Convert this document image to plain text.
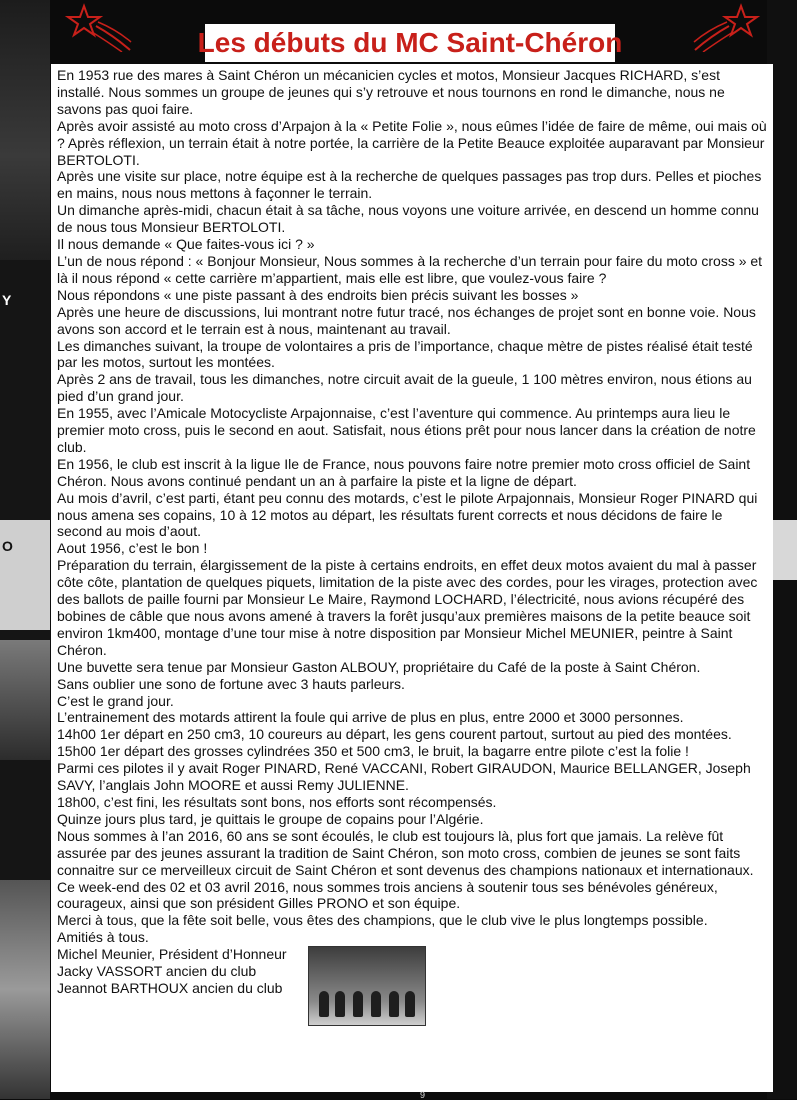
Y
O
Les débuts du MC Saint-Chéron

En 1953 rue des mares à Saint Chéron un mécanicien cycles et motos, Monsieur Jacques RICHARD, s’est installé. Nous sommes un groupe de jeunes qui s’y retrouve et nous tournons en rond le dimanche, nous ne savons pas quoi faire.

Après avoir assisté au moto cross d’Arpajon à la « Petite Folie », nous eûmes l’idée de faire de même, oui mais où ? Après réflexion, un terrain était à notre portée, la carrière de la Petite Beauce exploitée auparavant par Monsieur BERTOLOTI.

Après une visite sur place, notre équipe est à la recherche de quelques passages pas trop durs. Pelles et pioches en mains, nous nous mettons à façonner le terrain.

Un dimanche après-midi, chacun était à sa tâche, nous voyons une voiture arrivée, en descend un homme connu de nous tous Monsieur BERTOLOTI.

Il nous demande « Que faites-vous ici ? »

L’un de nous répond : « Bonjour Monsieur, Nous sommes à la recherche d’un terrain pour faire du moto cross » et là il nous répond « cette carrière m’appartient, mais elle est libre, que voulez-vous faire ?

Nous répondons « une piste passant à des endroits bien précis suivant les bosses »

Après une heure de discussions, lui montrant notre futur tracé, nos échanges de projet sont en bonne voie. Nous avons son accord et le terrain est à nous, maintenant au travail.

Les dimanches suivant, la troupe de volontaires a pris de l’importance, chaque mètre de pistes réalisé était testé par les motos, surtout les montées.

Après 2 ans de travail, tous les dimanches, notre circuit avait de la gueule, 1 100 mètres environ, nous étions au pied d’un grand jour.

En 1955, avec l’Amicale Motocycliste Arpajonnaise, c’est l’aventure qui commence. Au printemps aura lieu le premier moto cross, puis le second en aout. Satisfait, nous étions prêt pour nous lancer dans la création de notre club.

En 1956, le club est inscrit à la ligue Ile de France, nous pouvons faire notre premier moto cross officiel de Saint Chéron. Nous avons continué pendant un an à parfaire la piste et la ligne de départ.

Au mois d’avril, c’est parti, étant peu connu des motards, c’est le pilote Arpajonnais, Monsieur Roger PINARD qui nous amena ses copains, 10 à 12 motos au départ, les résultats furent corrects et nous décidons de faire le second au mois d’aout.

Aout 1956, c’est le bon !

Préparation du terrain, élargissement de la piste à certains endroits, en effet deux motos avaient du mal à passer côte côte, plantation de quelques piquets, limitation de la piste avec des cordes, pour les virages, protection avec des ballots de paille fourni par Monsieur Le Maire, Raymond LOCHARD, l’électricité, nous avions récupéré des bobines de câble que nous avons amené à travers la forêt jusqu’aux premières maisons de la petite beauce soit environ 1km400, montage d’une tour mise à notre disposition par Monsieur Michel MEUNIER, peintre à Saint Chéron.

Une buvette sera tenue par Monsieur Gaston ALBOUY, propriétaire du Café de la poste à Saint Chéron.

Sans oublier une sono de fortune avec 3 hauts parleurs.

C’est le grand jour.

L’entrainement des motards attirent la foule qui arrive de plus en plus, entre 2000 et 3000 personnes.

14h00 1er départ en 250 cm3, 10 coureurs au départ, les gens courent partout, surtout au pied des montées.

15h00 1er départ des grosses cylindrées 350 et 500 cm3, le bruit, la bagarre entre pilote c’est la folie !

Parmi ces pilotes il y avait Roger PINARD, René VACCANI, Robert GIRAUDON, Maurice BELLANGER, Joseph SAVY, l’anglais John MOORE et aussi Remy JULIENNE.

18h00, c’est fini, les résultats sont bons, nos efforts sont récompensés.

Quinze jours plus tard, je quittais le groupe de copains pour l’Algérie.

Nous sommes à l’an 2016, 60 ans se sont écoulés, le club est toujours là, plus fort que jamais. La relève fût assurée par des jeunes assurant la tradition de Saint Chéron, son moto cross, combien de jeunes se sont faits connaitre sur ce merveilleux circuit de Saint Chéron et sont devenus des champions nationaux et internationaux.

Ce week-end des 02 et 03 avril 2016, nous sommes trois anciens à soutenir tous ses bénévoles généreux, courageux, ainsi que son président Gilles PRONO et son équipe.

Merci à tous, que la fête soit belle, vous êtes des champions, que le club vive le plus longtemps possible.

Amitiés à tous.

Michel Meunier, Président d’Honneur

Jacky VASSORT ancien du club

Jeannot BARTHOUX ancien du club

9
